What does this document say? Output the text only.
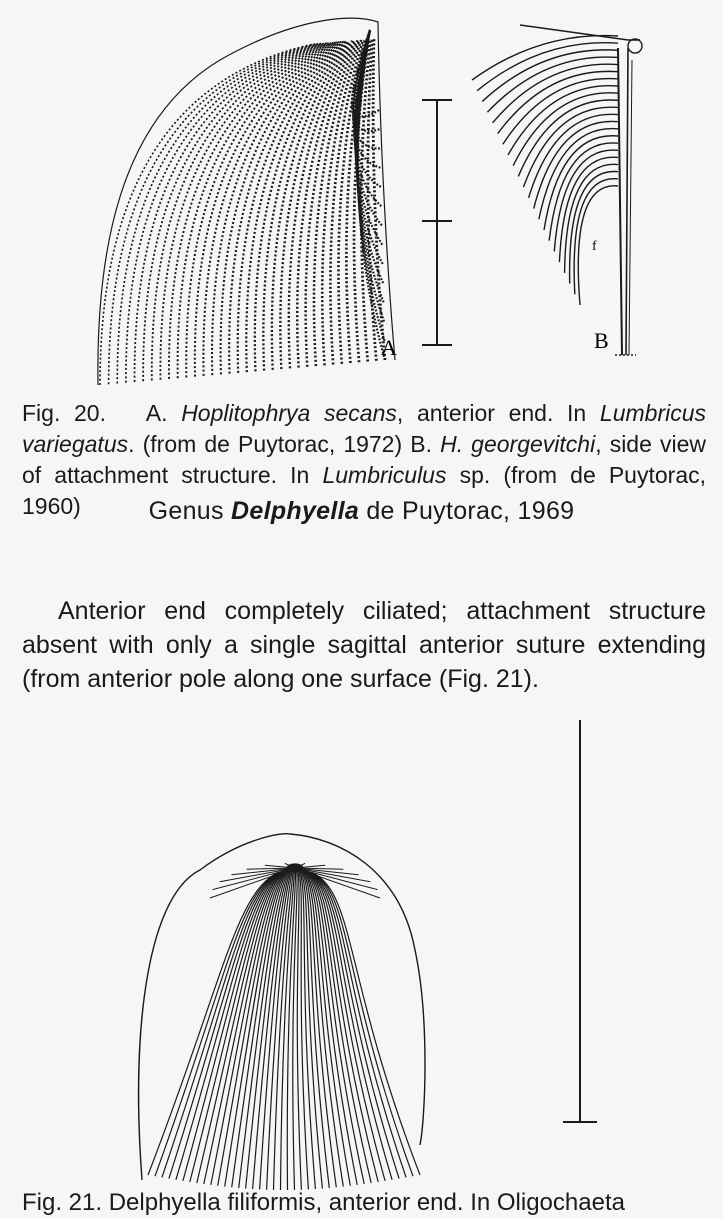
A	B
f
Fig. 20. A. Hoplitophrya secans, anterior end. In Lumbricus variegatus. (from de Puytorac, 1972) B. H. georgevitchi, side view of attachment structure. In Lumbriculus sp. (from de Puytorac, 1960)	Genus Delphyella de Puytorac, 1969
Anterior end completely ciliated; attachment structure absent with only a single sagittal anterior suture extending (from anterior pole along one surface (Fig. 21).
Fig. 21. Delphyella filiformis, anterior end. In Oligochaeta
